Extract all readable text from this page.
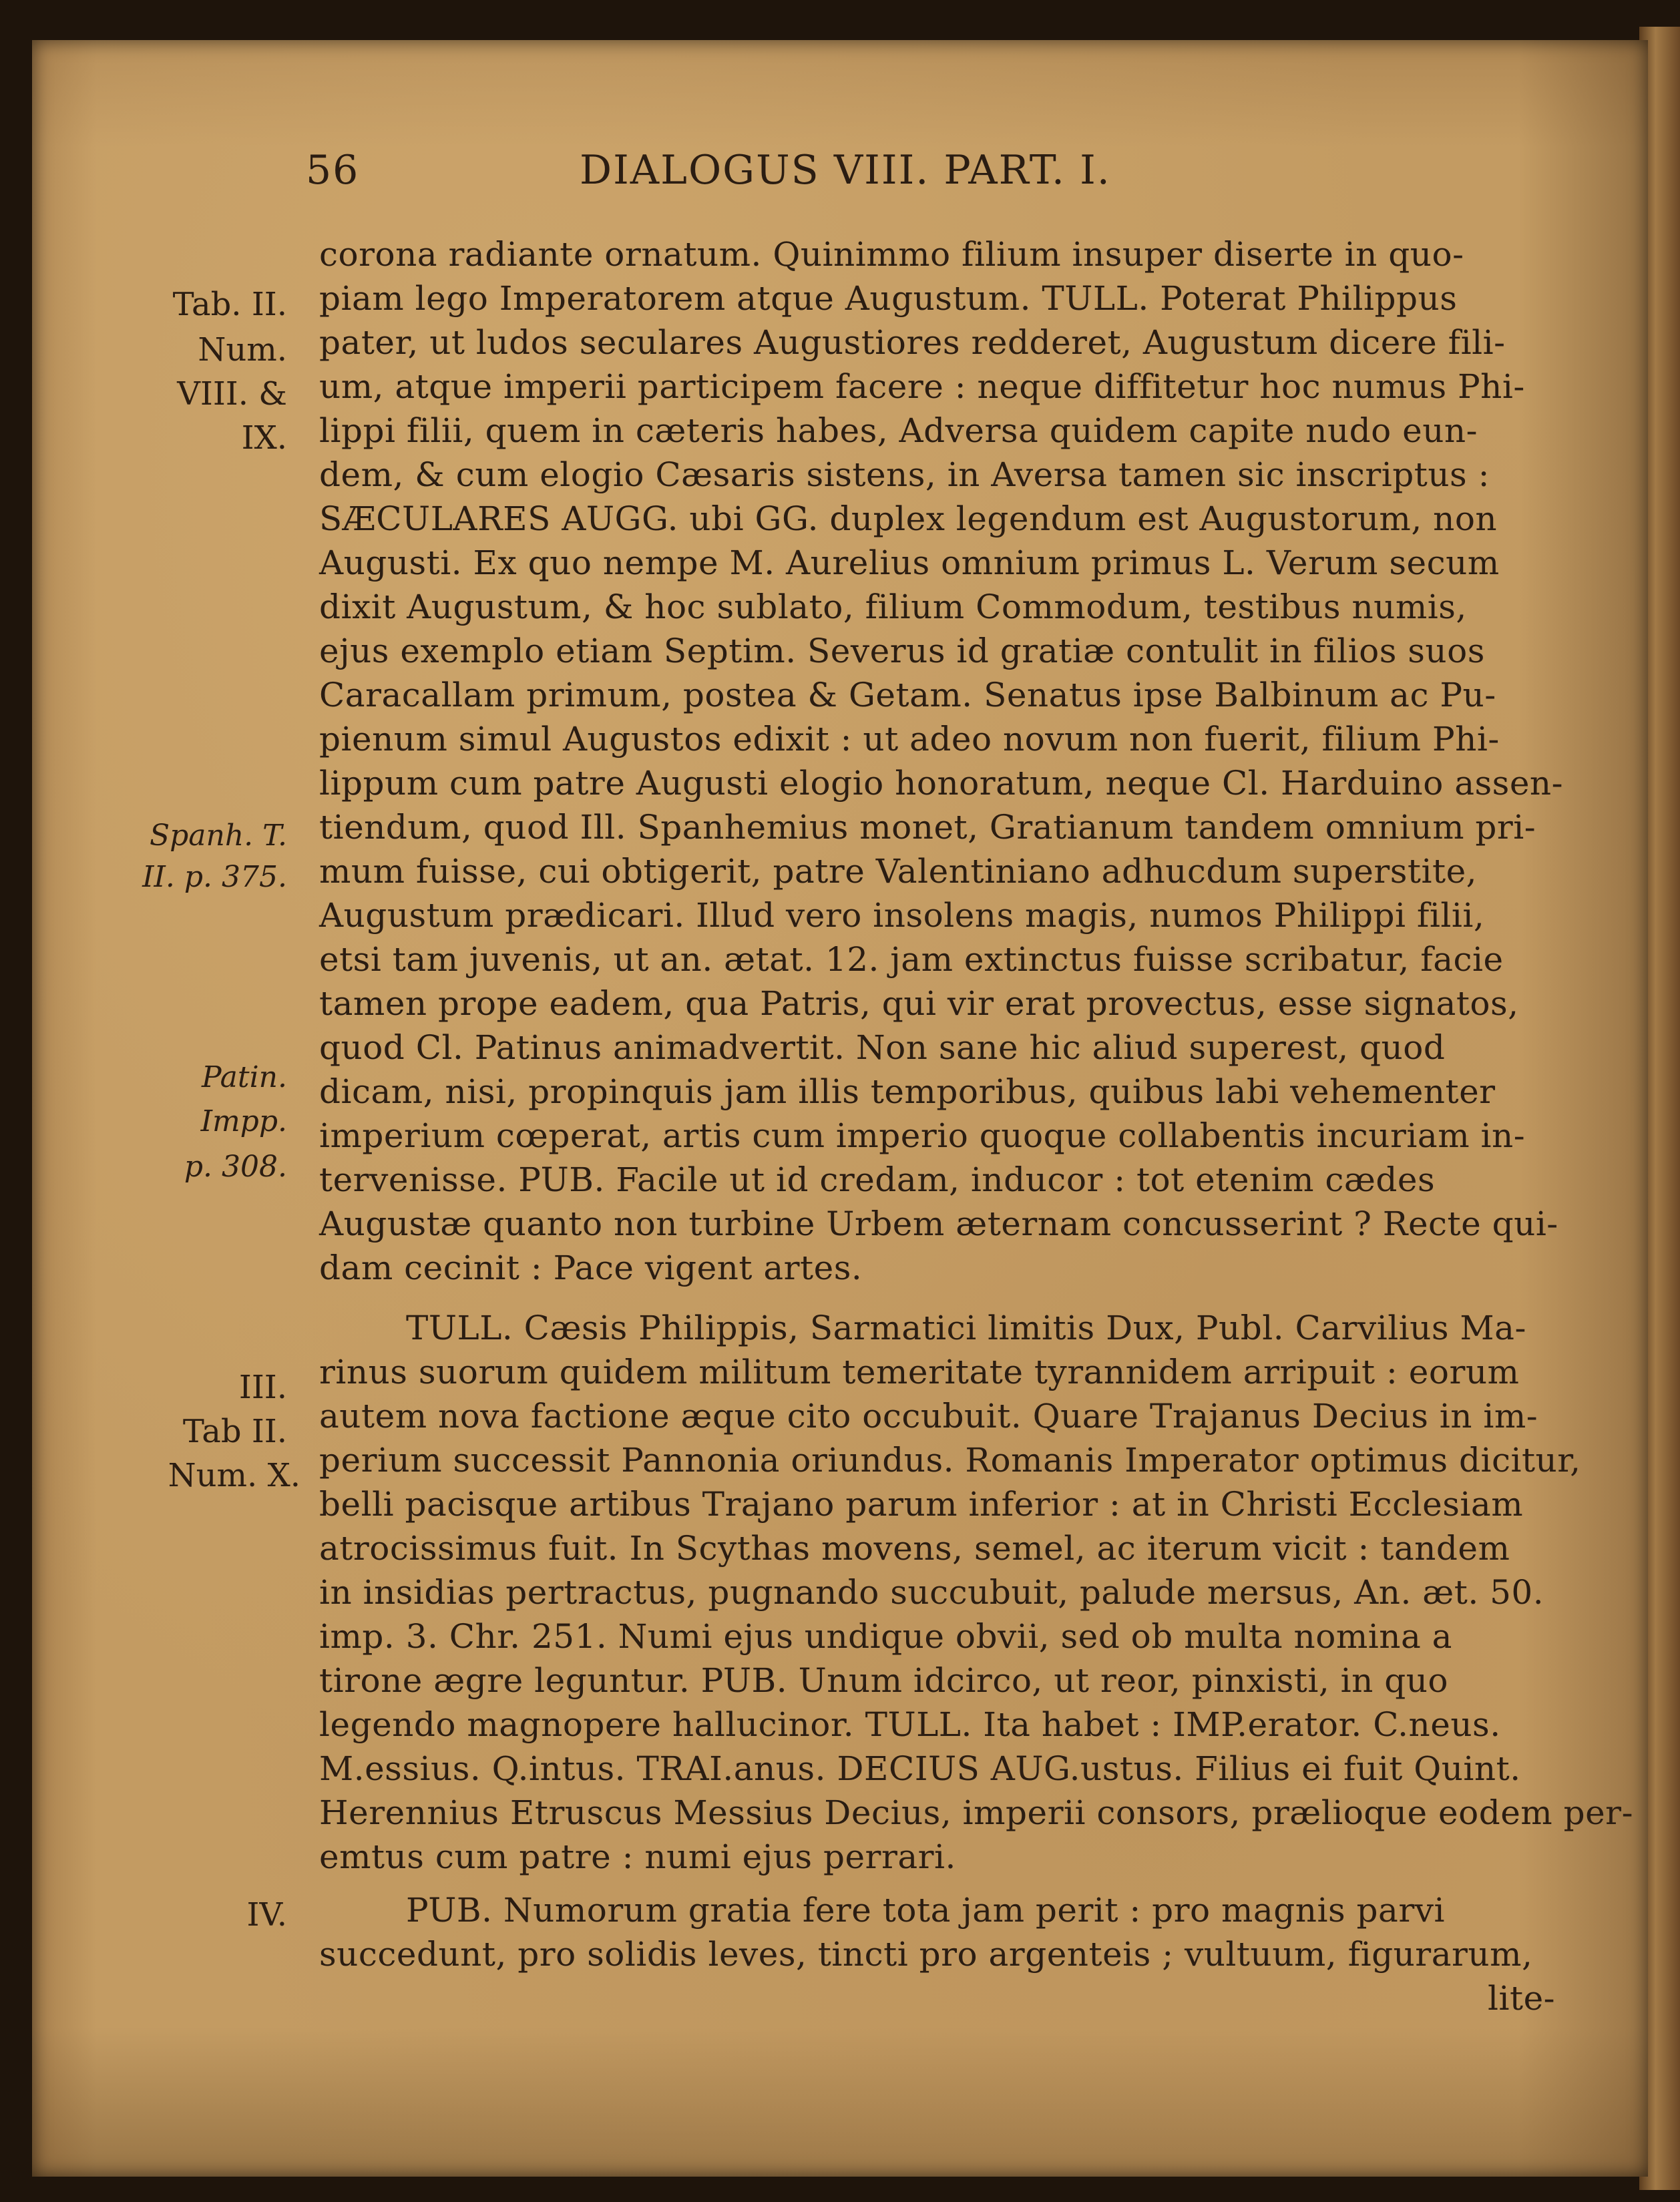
56	DIALOGUS VIII. PART. I.
Tab. II.
Num.
VIII. &
IX.
Spanh. T.
II. p. 375.
Patin.
Impp.
p. 308.
III.
Tab II.
Num. X.
IV.
corona radiante ornatum. Quinimmo filium insuper diserte in quo-
piam lego Imperatorem atque Augustum. TULL. Poterat Philippus
pater, ut ludos seculares Augustiores redderet, Augustum dicere fili-
um, atque imperii participem facere : neque diffitetur hoc numus Phi-
lippi filii, quem in cæteris habes, Adversa quidem capite nudo eun-
dem, & cum elogio Cæsaris sistens, in Aversa tamen sic inscriptus :
SÆCULARES AUGG. ubi GG. duplex legendum est Augustorum, non
Augusti. Ex quo nempe M. Aurelius omnium primus L. Verum secum
dixit Augustum, & hoc sublato, filium Commodum, testibus numis,
ejus exemplo etiam Septim. Severus id gratiæ contulit in filios suos
Caracallam primum, postea & Getam. Senatus ipse Balbinum ac Pu-
pienum simul Augustos edixit : ut adeo novum non fuerit, filium Phi-
lippum cum patre Augusti elogio honoratum, neque Cl. Harduino assen-
tiendum, quod Ill. Spanhemius monet, Gratianum tandem omnium pri-
mum fuisse, cui obtigerit, patre Valentiniano adhucdum superstite,
Augustum prædicari. Illud vero insolens magis, numos Philippi filii,
etsi tam juvenis, ut an. ætat. 12. jam extinctus fuisse scribatur, facie
tamen prope eadem, qua Patris, qui vir erat provectus, esse signatos,
quod Cl. Patinus animadvertit. Non sane hic aliud superest, quod
dicam, nisi, propinquis jam illis temporibus, quibus labi vehementer
imperium cœperat, artis cum imperio quoque collabentis incuriam in-
tervenisse. PUB. Facile ut id credam, inducor : tot etenim cædes
Augustæ quanto non turbine Urbem æternam concusserint ? Recte qui-
dam cecinit : Pace vigent artes.
TULL. Cæsis Philippis, Sarmatici limitis Dux, Publ. Carvilius Ma-
rinus suorum quidem militum temeritate tyrannidem arripuit : eorum
autem nova factione æque cito occubuit. Quare Trajanus Decius in im-
perium successit Pannonia oriundus. Romanis Imperator optimus dicitur,
belli pacisque artibus Trajano parum inferior : at in Christi Ecclesiam
atrocissimus fuit. In Scythas movens, semel, ac iterum vicit : tandem
in insidias pertractus, pugnando succubuit, palude mersus, An. æt. 50.
imp. 3. Chr. 251. Numi ejus undique obvii, sed ob multa nomina a
tirone ægre leguntur. PUB. Unum idcirco, ut reor, pinxisti, in quo
legendo magnopere hallucinor. TULL. Ita habet : IMP.erator. C.neus.
M.essius. Q.intus. TRAI.anus. DECIUS AUG.ustus. Filius ei fuit Quint.
Herennius Etruscus Messius Decius, imperii consors, prælioque eodem per-
emtus cum patre : numi ejus perrari.
PUB. Numorum gratia fere tota jam perit : pro magnis parvi
succedunt, pro solidis leves, tincti pro argenteis ; vultuum, figurarum,
lite-
